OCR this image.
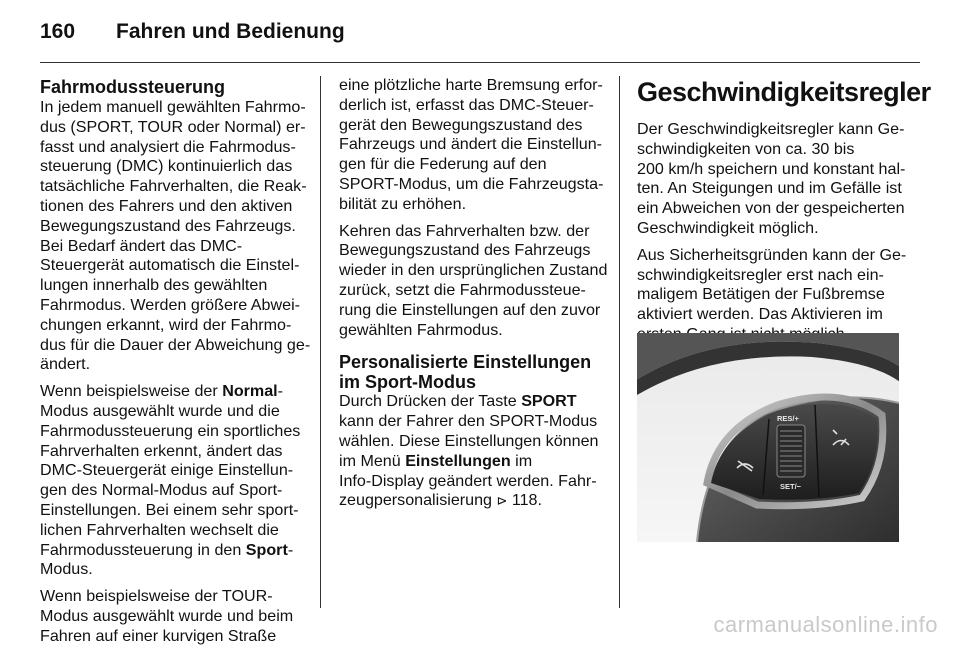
160	Fahren und Bedienung
Fahrmodussteuerung

In jedem manuell gewählten Fahrmo-
dus (SPORT, TOUR oder Normal) er-
fasst und analysiert die Fahrmodus-
steuerung (DMC) kontinuierlich das
tatsächliche Fahrverhalten, die Reak-
tionen des Fahrers und den aktiven
Bewegungszustand des Fahrzeugs.
Bei Bedarf ändert das DMC-
Steuergerät automatisch die Einstel-
lungen innerhalb des gewählten
Fahrmodus. Werden größere Abwei-
chungen erkannt, wird der Fahrmo-
dus für die Dauer der Abweichung ge-
ändert.

Wenn beispielsweise der Normal-
Modus ausgewählt wurde und die
Fahrmodussteuerung ein sportliches
Fahrverhalten erkennt, ändert das
DMC-Steuergerät einige Einstellun-
gen des Normal-Modus auf Sport-
Einstellungen. Bei einem sehr sport-
lichen Fahrverhalten wechselt die
Fahrmodussteuerung in den Sport-
Modus.

Wenn beispielsweise der TOUR-
Modus ausgewählt wurde und beim
Fahren auf einer kurvigen Straße

eine plötzliche harte Bremsung erfor-
derlich ist, erfasst das DMC-Steuer-
gerät den Bewegungszustand des
Fahrzeugs und ändert die Einstellun-
gen für die Federung auf den
SPORT-Modus, um die Fahrzeugsta-
bilität zu erhöhen.

Kehren das Fahrverhalten bzw. der
Bewegungszustand des Fahrzeugs
wieder in den ursprünglichen Zustand
zurück, setzt die Fahrmodussteue-
rung die Einstellungen auf den zuvor
gewählten Fahrmodus.

Personalisierte Einstellungen
im Sport-Modus

Durch Drücken der Taste SPORT
kann der Fahrer den SPORT-Modus
wählen. Diese Einstellungen können
im Menü Einstellungen im
Info-Display geändert werden. Fahr-
zeugpersonalisierung ⊳ 118.

Geschwindigkeitsregler

Der Geschwindigkeitsregler kann Ge-
schwindigkeiten von ca. 30 bis
200 km/h speichern und konstant hal-
ten. An Steigungen und im Gefälle ist
ein Abweichen von der gespeicherten
Geschwindigkeit möglich.

Aus Sicherheitsgründen kann der Ge-
schwindigkeitsregler erst nach ein-
maligem Betätigen der Fußbremse
aktiviert werden. Das Aktivieren im

RES/+
SET/−
carmanualsonline.info
